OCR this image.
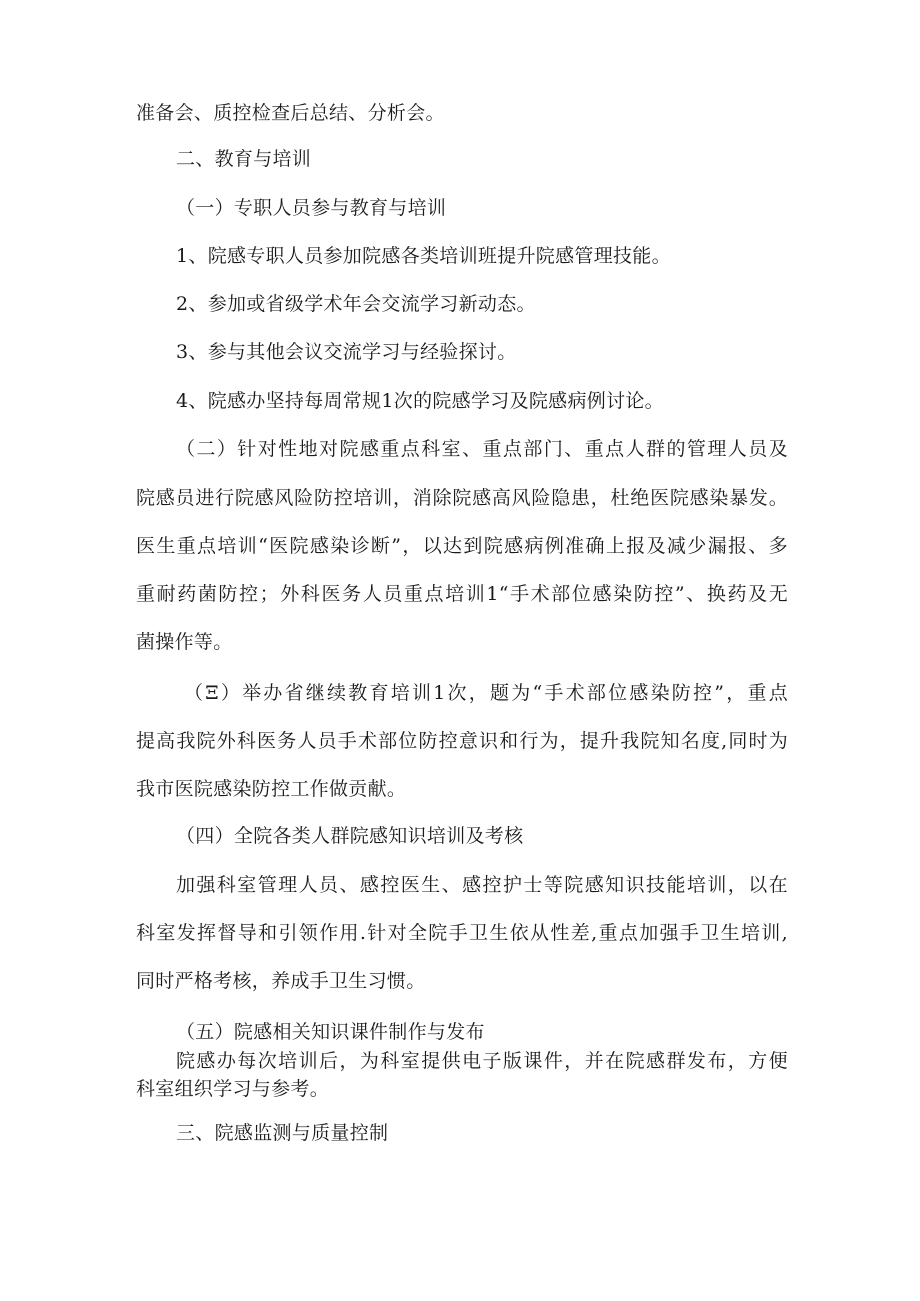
准备会、质控检查后总结、分析会。
二、教育与培训
（一）专职人员参与教育与培训
1、院感专职人员参加院感各类培训班提升院感管理技能。
2、参加或省级学术年会交流学习新动态。
3、参与其他会议交流学习与经验探讨。
4、院感办坚持每周常规1次的院感学习及院感病例讨论。
（二）针对性地对院感重点科室、重点部门、重点人群的管理人员及
院感员进行院感风险防控培训，消除院感高风险隐患，杜绝医院感染暴发。
医生重点培训“医院感染诊断”，以达到院感病例准确上报及减少漏报、多
重耐药菌防控；外科医务人员重点培训1“手术部位感染防控”、换药及无
菌操作等。
（Ξ）举办省继续教育培训1次，题为“手术部位感染防控”，重点
提高我院外科医务人员手术部位防控意识和行为，提升我院知名度,同时为
我市医院感染防控工作做贡献。
（四）全院各类人群院感知识培训及考核
加强科室管理人员、感控医生、感控护士等院感知识技能培训，以在
科室发挥督导和引领作用.针对全院手卫生依从性差,重点加强手卫生培训,
同时严格考核，养成手卫生习惯。
（五）院感相关知识课件制作与发布
院感办每次培训后，为科室提供电子版课件，并在院感群发布，方便
科室组织学习与参考。
三、院感监测与质量控制
